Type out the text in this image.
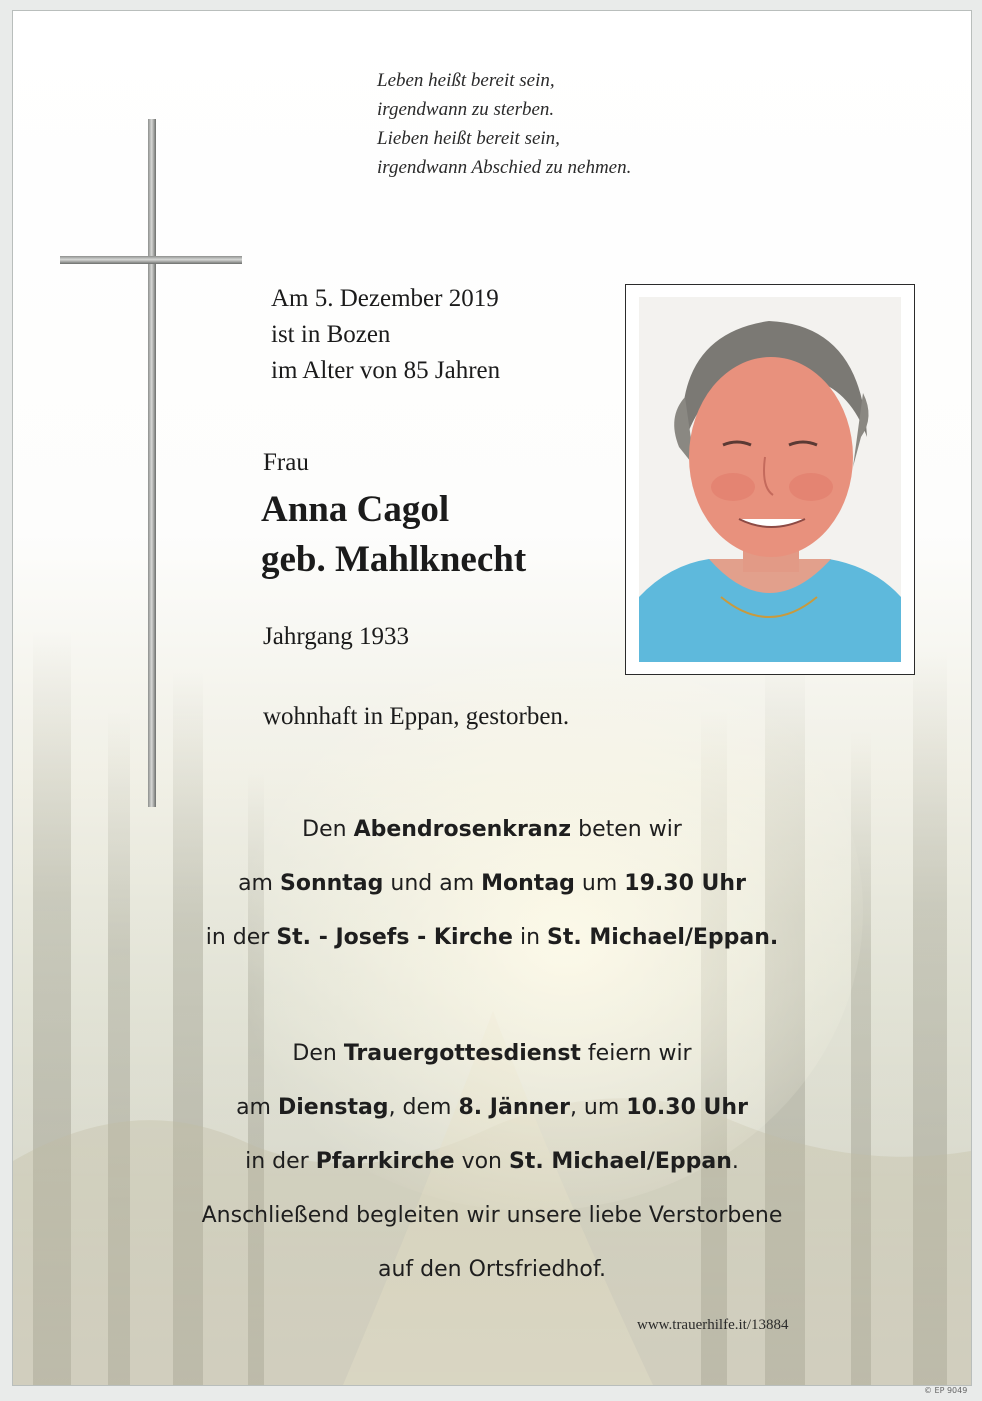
Leben heißt bereit sein,
irgendwann zu sterben.
Lieben heißt bereit sein,
irgendwann Abschied zu nehmen.
Am 5. Dezember 2019
ist in Bozen
im Alter von 85 Jahren
Frau
Anna Cagol
geb. Mahlknecht
Jahrgang 1933
wohnhaft in Eppan, gestorben.
Den Abendrosenkranz beten wir
am Sonntag und am Montag um 19.30 Uhr
in der St. - Josefs - Kirche in St. Michael/Eppan.
Den Trauergottesdienst feiern wir
am Dienstag, dem 8. Jänner, um 10.30 Uhr
in der Pfarrkirche von St. Michael/Eppan.
Anschließend begleiten wir unsere liebe Verstorbene
auf den Ortsfriedhof.
www.trauerhilfe.it/13884
© EP 9049
